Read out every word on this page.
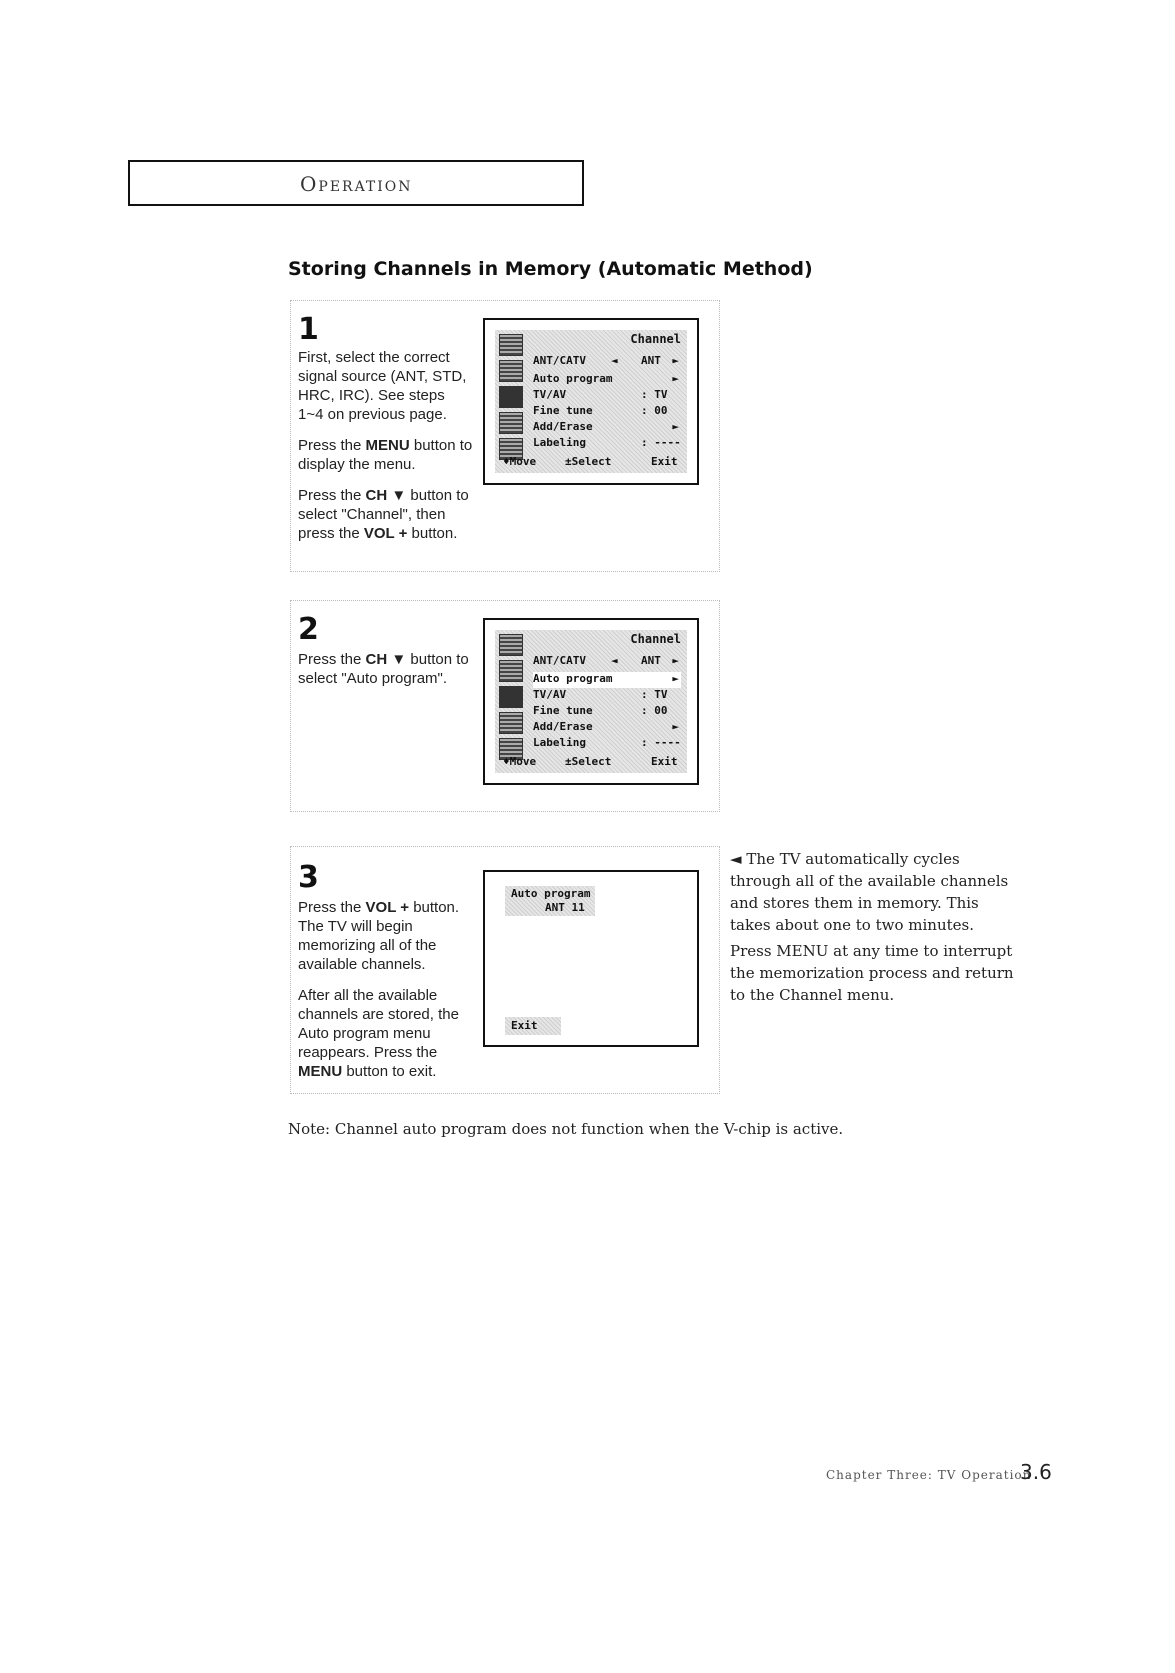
Operation
Storing Channels in Memory (Automatic Method)
1

First, select the correct signal source (ANT, STD, HRC, IRC). See steps 1~4 on previous page.

Press the MENU button to display the menu.

Press the CH ▼ button to select "Channel", then press the VOL + button.

Channel
ANT/CATV ◄ ANT ►
Auto program	►
TV/AV	: TV
Fine tune	: 00
Add/Erase	►
Labeling	: ----
♦Move	±Select	Exit
2

Press the CH ▼ button to select "Auto program".

Channel
ANT/CATV ◄ ANT ►
Auto program	►
TV/AV	: TV
Fine tune	: 00
Add/Erase	►
Labeling	: ----
♦Move	±Select	Exit
3

Press the VOL + button. The TV will begin memorizing all of the available channels.

After all the available channels are stored, the Auto program menu reappears. Press the MENU button to exit.

Auto program
ANT 11
Exit

◄ The TV automatically cycles through all of the available channels and stores them in memory. This takes about one to two minutes.

Press MENU at any time to interrupt the memorization process and return to the Channel menu.

Note: Channel auto program does not function when the V-chip is active.
Chapter Three: TV Operation
3.6
